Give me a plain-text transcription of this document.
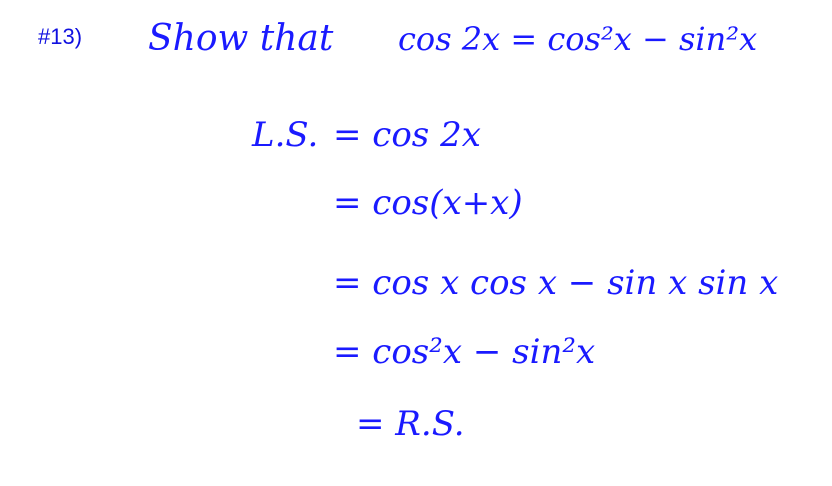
#13) Show that cos 2x = cos²x − sin²x
L.S. = cos 2x
= cos(x+x)
= cos x cos x − sin x sin x
= cos²x − sin²x
= R.S.
